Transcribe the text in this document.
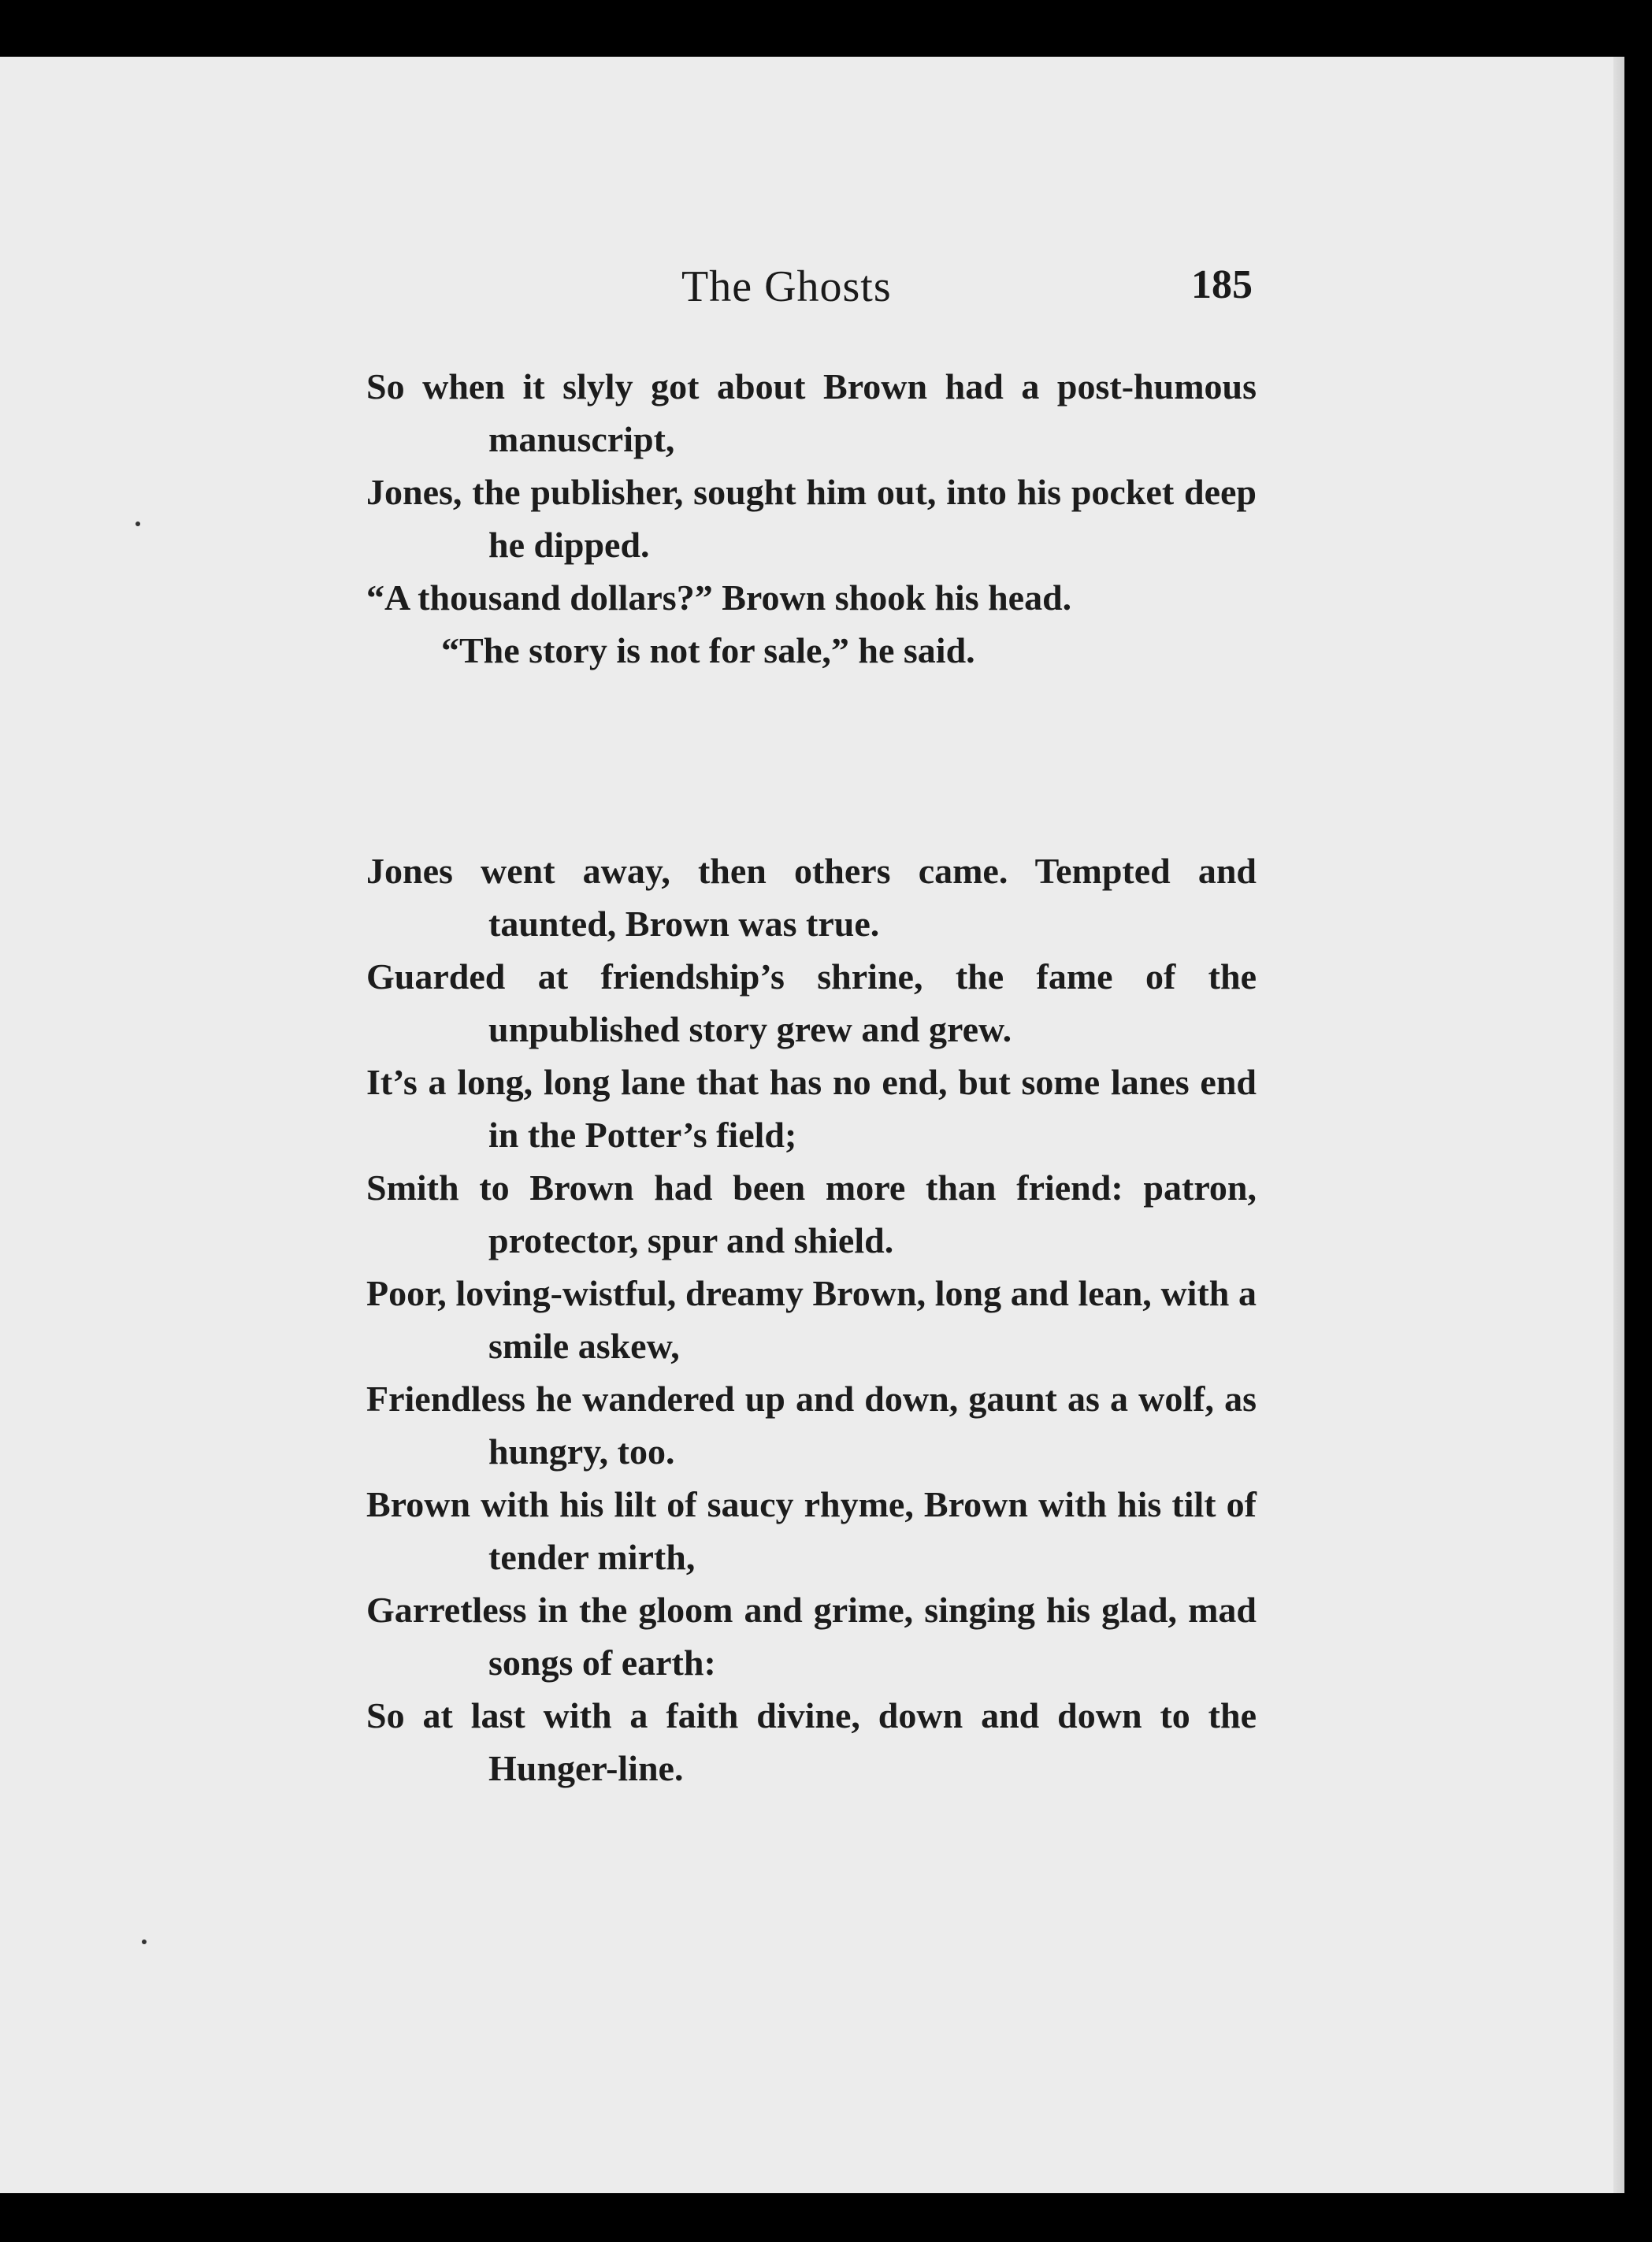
The Ghosts	185

So when it slyly got about Brown had a post-humous manuscript,

Jones, the publisher, sought him out, into his pocket deep he dipped.

“A thousand dollars?” Brown shook his head.

“The story is not for sale,” he said.

Jones went away, then others came. Tempted and taunted, Brown was true.

Guarded at friendship’s shrine, the fame of the unpublished story grew and grew.

It’s a long, long lane that has no end, but some lanes end in the Potter’s field;

Smith to Brown had been more than friend: patron, protector, spur and shield.

Poor, loving-wistful, dreamy Brown, long and lean, with a smile askew,

Friendless he wandered up and down, gaunt as a wolf, as hungry, too.

Brown with his lilt of saucy rhyme, Brown with his tilt of tender mirth,

Garretless in the gloom and grime, singing his glad, mad songs of earth:

So at last with a faith divine, down and down to the Hunger-line.
